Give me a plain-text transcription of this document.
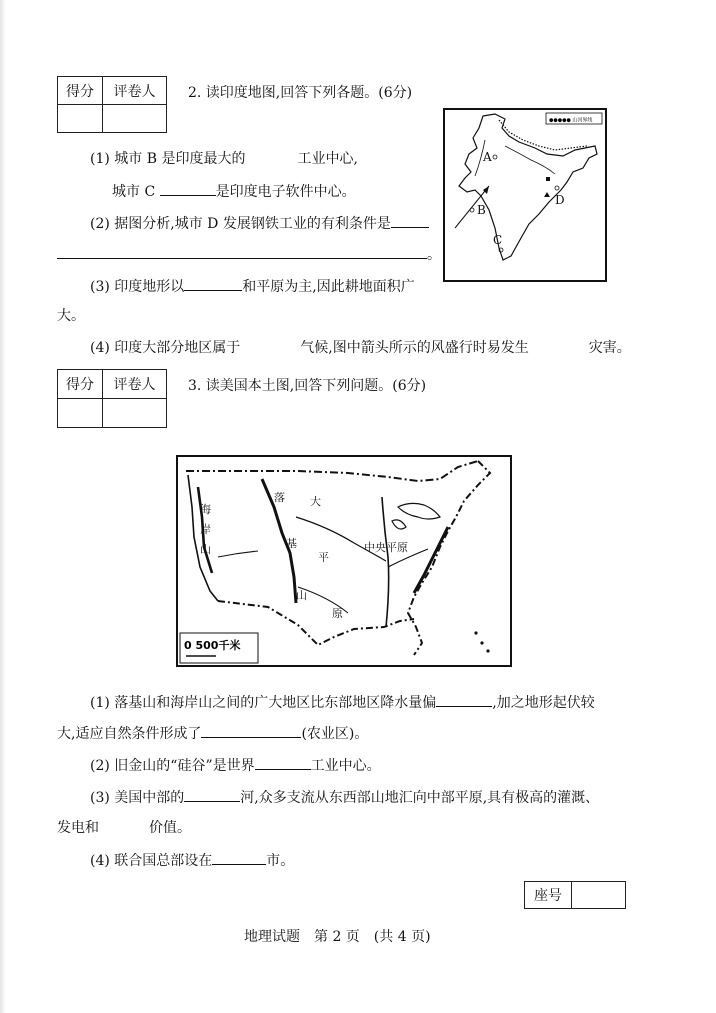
得分	评卷人
	2. 读印度地图,回答下列各题。(6分)
●●●●● 山河界线
A
B
C
D
(1) 城市 B 是印度最大的	工业中心,
城市 C	是印度电子软件中心。
(2) 据图分析,城市 D 发展钢铁工业的有利条件是
。
(3) 印度地形以	和平原为主,因此耕地面积广
大。
(4) 印度大部分地区属于	气候,图中箭头所示的风盛行时易发生	灾害。
得分	评卷人
	3. 读美国本土图,回答下列问题。(6分)
海
岸
山
落
基
山
大
平
原
中央平原
0 500千米
(1) 落基山和海岸山之间的广大地区比东部地区降水量偏	,加之地形起伏较
大,适应自然条件形成了	(农业区)。
(2) 旧金山的“硅谷”是世界	工业中心。
(3) 美国中部的	河,众多支流从东西部山地汇向中部平原,具有极高的灌溉、
发电和	价值。
(4) 联合国总部设在	市。
座号	
地理试题　第 2 页　(共 4 页)
